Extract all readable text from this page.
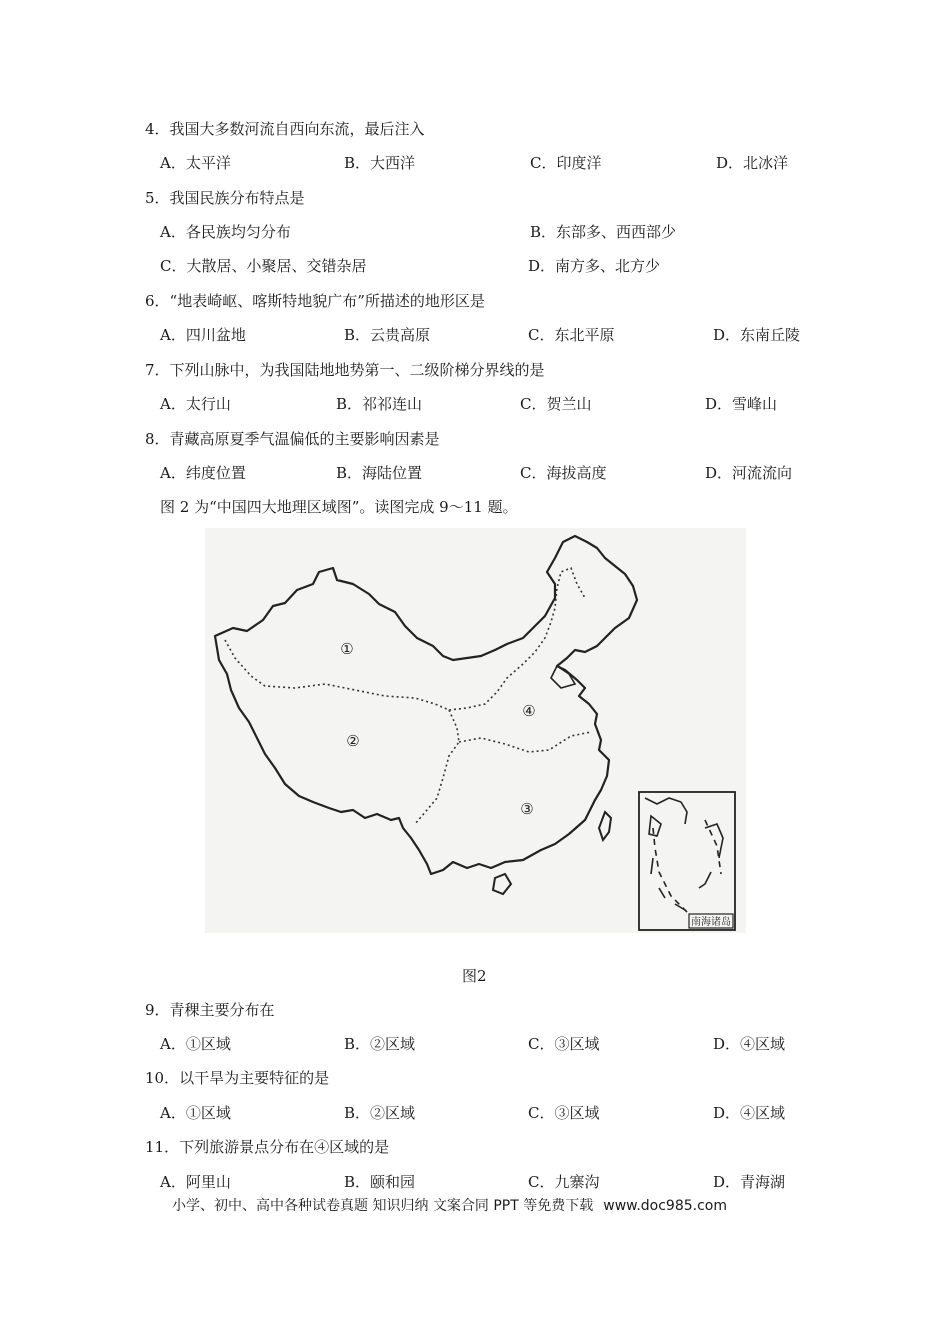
4．我国大多数河流自西向东流，最后注入
A．太平洋	B．大西洋	C．印度洋	D．北冰洋
5．我国民族分布特点是
A．各民族均匀分布	B．东部多、西西部少
C．大散居、小聚居、交错杂居	D．南方多、北方少
6．“地表崎岖、喀斯特地貌广布”所描述的地形区是
A．四川盆地	B．云贵高原	C．东北平原	D．东南丘陵
7．下列山脉中，为我国陆地地势第一、二级阶梯分界线的是
A．太行山	B．祁祁连山	C．贺兰山	D．雪峰山
8．青藏高原夏季气温偏低的主要影响因素是
A．纬度位置	B．海陆位置	C．海拔高度	D．河流流向
图 2 为“中国四大地理区域图”。读图完成 9～11 题。
①
②
③
④
南海诸岛
图2
9．青稞主要分布在
A．①区域	B．②区域	C．③区域	D．④区域
10．以干旱为主要特征的是
A．①区域	B．②区域	C．③区域	D．④区域
11．下列旅游景点分布在④区域的是
A．阿里山	B．颐和园	C．九寨沟	D．青海湖
小学、初中、高中各种试卷真题 知识归纳 文案合同 PPT 等免费下载 www.doc985.com
